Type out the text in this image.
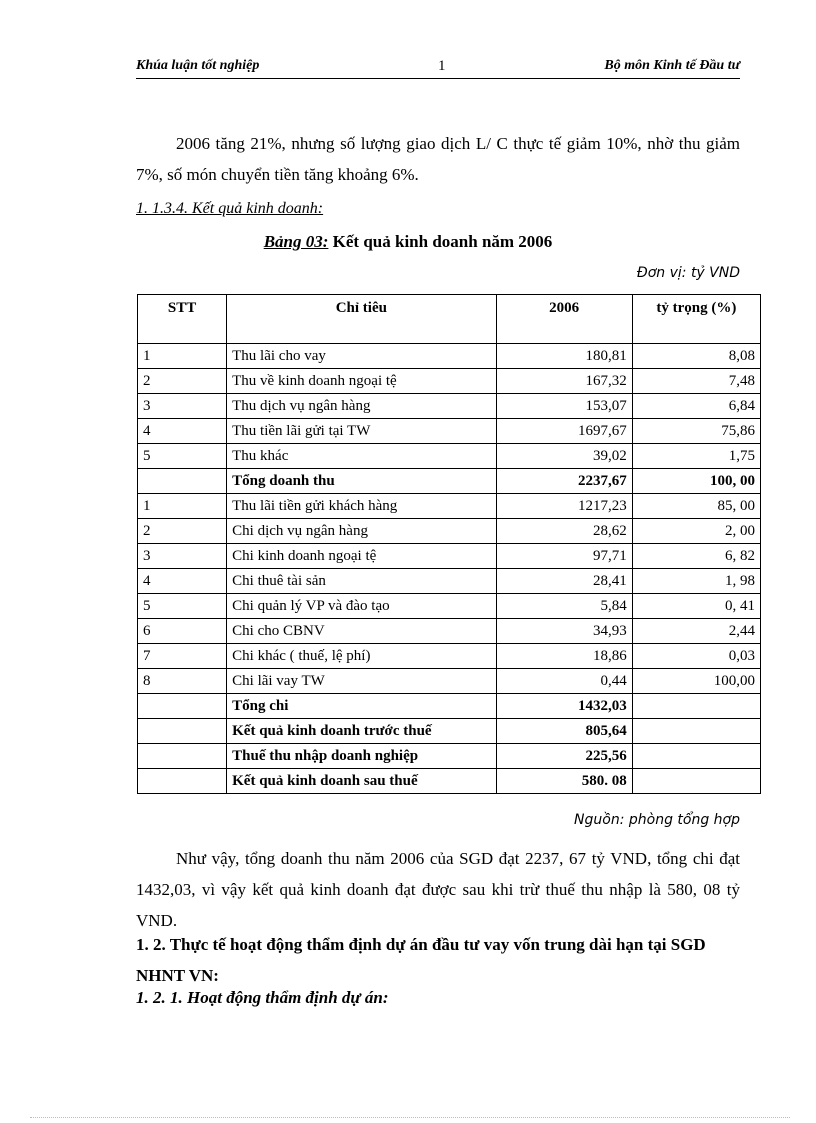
Khúa luận tốt nghiệp	1	Bộ môn Kinh tế Đầu tư
2006 tăng 21%, nhưng số lượng giao dịch L/ C thực tế giảm 10%, nhờ thu giảm 7%, số món chuyển tiền tăng khoảng 6%.
1. 1.3.4. Kết quả kinh doanh:
Bảng 03: Kết quả kinh doanh năm 2006
Đơn vị: tỷ VND
STT	Chỉ tiêu	2006	tỷ trọng (%)
1	Thu lãi cho vay	180,81	8,08
2	Thu về kinh doanh ngoại tệ	167,32	7,48
3	Thu dịch vụ ngân hàng	153,07	6,84
4	Thu tiền lãi gửi tại TW	1697,67	75,86
5	Thu khác	39,02	1,75
	Tổng doanh thu	2237,67	100, 00
1	Thu lãi tiền gửi khách hàng	1217,23	85, 00
2	Chi dịch vụ ngân hàng	28,62	2, 00
3	Chi kinh doanh ngoại tệ	97,71	6, 82
4	Chi thuê tài sản	28,41	1, 98
5	Chi quản lý VP và đào tạo	5,84	0, 41
6	Chi cho CBNV	34,93	2,44
7	Chi khác ( thuế, lệ phí)	18,86	0,03
8	Chi lãi vay TW	0,44	100,00
	Tổng chi	1432,03	
	Kết quả kinh doanh trước thuế	805,64	
	Thuế thu nhập doanh nghiệp	225,56	
	Kết quả kinh doanh sau thuế	580. 08	
Nguồn: phòng tổng hợp
Như vậy, tổng doanh thu năm 2006 của SGD đạt 2237, 67 tỷ VND, tổng chi đạt 1432,03, vì vậy kết quả kinh doanh đạt được sau khi trừ thuế thu nhập là 580, 08 tỷ VND.
1. 2. Thực tế hoạt động thẩm định dự án đầu tư vay vốn trung dài hạn tại SGD NHNT VN:
1. 2. 1. Hoạt động thẩm định dự án:
